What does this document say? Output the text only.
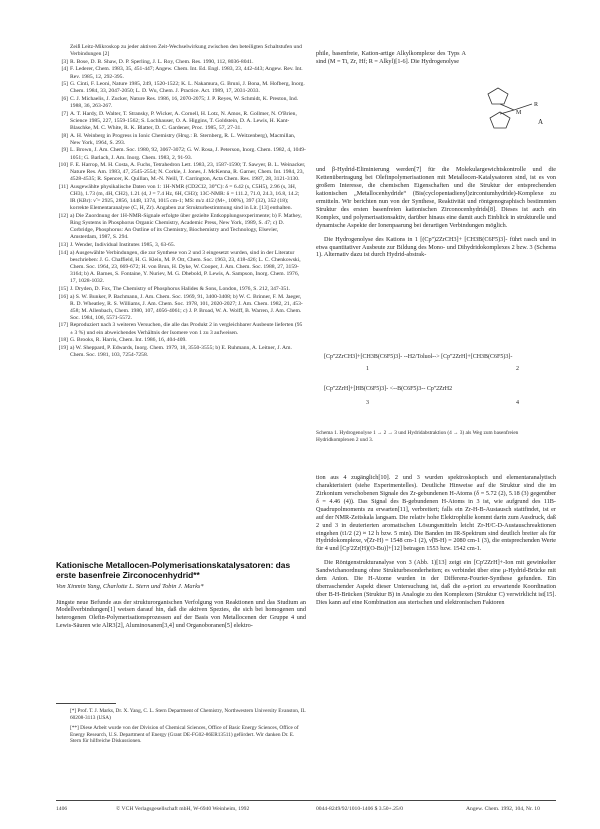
Zeiß Leitz-Mikroskop zu jeder aktiven Zeit-Wechselwirkung zwischen den beteiligten Schaltstufen und Verbindungen [2]
[3] R. Bose, D. B. Shaw, D. P. Sperling, J. L. Roy, Chem. Res. 1990, 112, 8036-8041.
[4] F. Lederer, Chem. 1983, 35, 451-447; Angew. Chem. Int. Ed. Engl. 1983, 23, 442-443; Angew. Rev. Int. Rev. 1985, 12, 292-395.
[5] G. Cinti, F. Leoni, Nature 1985, 249, 1520-1522; K. L. Nakamura, G. Bruni, J. Bona, M. Hofberg, Inorg. Chem. 1984, 33, 2047-2050; L. D. Wu, Chem. J. Practice. Act. 1989, 17, 2031-2033.
[6] C. J. Michaelis, J. Zucker, Nature Res. 1986, 16, 2070-2075; J. P. Reyes, W. Schmidt, K. Preston, Ind. 1988, 36, 263-267.
[7] A. T. Hardy, D. Walter, T. Stransky, P. Wicker, A. Cornell, H. Lotz, N. Amos, R. Gollmer, N. O'Brien, Science 1985, 227, 1559-1562; S. Lochhauser, O. A. Higgins, T. Goldstein, D. A. Lewis, H. Kant-Blaschke, M. C. White, R. K. Blatter, D. C. Gardener, Proc. 1985, 57, 27-31.
[8] A. H. Weinberg in Progress in Ionic Chemistry (Hrsg.: B. Sternberg, R. L. Weitzenberg), Macmillan, New York, 1964, S. 293.
[9] L. Brown, J. Am. Chem. Soc. 1980, 92, 3067-3072; G. W. Rosa, J. Peterson, Inorg. Chem. 1982, 4, 1049-1051; G. Barlach, J. Am. Inorg. Chem. 1983, 2, 91-93.
[10] F. E. Harrop, M. H. Costa, A. Fuchs, Tetrahedron Lett. 1983, 23, 1587-1590; T. Sawyer, B. L. Weinacker, Nature Res. Am. 1983, 47, 2545-2554; N. Corkie, J. Jones, J. McKenna, R. Garner, Chem. Int. 1984, 23, 4528-4535; R. Spencer, K. Quillan, M.-N. Neill, T. Carrington, Acta Chem. Res. 1987, 28, 3121-3130.
[11] Ausgewählte physikalische Daten von 1: 1H-NMR (CD2Cl2, 30°C): δ = 6.42 (s, C5H5), 2.96 (s, 3H, CH3), 1.73 (m, 4H, CH2), 1.21 (d, J = 7.4 Hz, 6H, CH3); 13C-NMR: δ = 111.2, 71.0, 24.3, 16.8, 14.2; IR (KBr): ν̃ = 2925, 2856, 1448, 1374, 1015 cm-1; MS: m/z 412 (M+, 100%), 397 (32), 352 (18); korrekte Elementaranalyse (C, H, Zr). Angaben zur Strukturbestimmung sind in Lit. [13] enthalten.
[12] a) Die Zuordnung der 1H-NMR-Signale erfolgte über gezielte Entkopplungsexperimente; b) F. Mathey, Ring Systems in Phosphorus Organic Chemistry, Academic Press, New York, 1989, S. 47; c) D. Corbridge, Phosphorus: An Outline of its Chemistry, Biochemistry and Technology, Elsevier, Amsterdam, 1987, S. 294.
[13] J. Wender, Individual Institutes 1985, 3, 63-65.
[14] a) Ausgewählte Verbindungen, die zur Synthese von 2 und 3 eingesetzt wurden, sind in der Literatur beschrieben: J. G. Chaffield, H. G. Klein, M. P. Ott, Chem. Soc. 1963, 23, 418-426; L. C. Chenkowski, Chem. Soc. 1964, 23, 669-672; H. von Brun, H. Dyke, W. Cooper, J. Am. Chem. Soc. 1988, 27, 3159-3164; b) A. Barnes, S. Fontaine, Y. Nuriev, M. G. Dhebold, P. Lewis, A. Sampson, Inorg. Chem. 1976, 17, 1028-1032.
[15] J. Dryden, D. Fox, The Chemistry of Phosphorus Halides & Sons, London, 1976, S. 212, 347-351.
[16] a) S. W. Bunker, P. Bachmann, J. Am. Chem. Soc. 1969, 91, 3400-3408; b) W. C. Brinner, F. M. Jaeger, R. D. Wheatley, R. S. Williams, J. Am. Chem. Soc. 1978, 101, 2020-2027; J. Am. Chem. 1982, 21, 453-458; M. Allenbach, Chem. 1980, 107, 4056-4061; c) J. P. Broad, W. A. Wolff, B. Warren, J. Am. Chem. Soc. 1984, 106, 5571-5572.
[17] Reproduziert nach 3 weiteren Versuchen, die alle das Produkt 2 in vergleichbarer Ausbeute lieferten (95 ± 3 %) und ein abweichendes Verhältnis der Isomere von 1 zu 3 aufweisen.
[18] G. Brooks, R. Harris, Chem. Int. 1986, 16, 404-409.
[19] a) W. Sheppard, P. Edwards, Inorg. Chem. 1979, 18, 3550-3555; b) E. Ruhmann, A. Leitner, J. Am. Chem. Soc. 1981, 103, 7254-7258.
Kationische Metallocen-Polymerisationskatalysatoren: das erste basenfreie Zirconocenhydrid**
Von Xinmin Yang, Charlotte L. Stern und Tobin J. Marks*

Jüngste neue Befunde aus der strukturorganischen Verfolgung von Reaktionen und das Studium an Modellverbindungen[1] weisen darauf hin, daß die aktiven Spezies, die sich bei homogenen und heterogenen Olefin-Polymerisationsprozessen auf der Basis von Metallocenen der Gruppe 4 und Lewis-Säuren wie AlR3[2], Aluminoxanen[3,4] und Organoboranen[5] elektro-

[*] Prof. T. J. Marks, Dr. X. Yang, C. L. Stern Department of Chemistry, Northwestern University Evanston, IL 60208-3113 (USA)
[**] Diese Arbeit wurde von der Division of Chemical Sciences, Office of Basic Energy Sciences, Office of Energy Research, U.S. Department of Energy (Grant DE-FG02-86ER13511) gefördert. Wir danken Dr. E. Stern für hilfreiche Diskussionen.

phile, basenfreie, Kation-artige Alkylkomplexe des Typs A sind (M = Ti, Zr, Hf; R = Alkyl)[1-6]. Die Hydrogenolyse

M
R
A

und β-Hydrid-Eliminierung werden[7] für die Molekulargewichtskontrolle und die Kettenübertragung bei Olefinpolymerisationen mit Metallocen-Katalysatoren sind, ist es von großem Interesse, die chemischen Eigenschaften und die Struktur der entsprechenden kationischen „Metallocenhydride“ (Bis(cyclopentadienyl)zirconiumhydride)-Komplexe zu ermitteln. Wir berichten nun von der Synthese, Reaktivität und röntgenographisch bestimmten Struktur des ersten basenfreien kationischen Zirconocenhydrids[8]. Dieses ist auch ein Komplex, und polymerisationsaktiv, darüber hinaus eine damit auch Einblick in strukturelle und dynamische Aspekte der Ionenpaarung bei derartigen Verbindungen möglich.

Die Hydrogenolyse des Kations in 1 [(Cp'')2ZrCH3]+ [CH3B(C6F5)3]- führt rasch und in etwa quantitativer Ausbeute zur Bildung des Mono- und Dihydridokomplexes 2 bzw. 3 (Schema 1). Alternativ dazu ist durch Hydrid-abstrak-

[Cp''2ZrCH3]+[CH3B(C6F5)3]- --H2/Toluol--> [Cp''2ZrH]+[CH3B(C6F5)3]-
1	2
[Cp''2ZrH]+[HB(C6F5)3]- <--B(C6F5)3-- Cp''2ZrH2
3	4
Schema 1. Hydrogenolyse 1 → 2 → 3 und Hydridabstraktion (4 → 3) als Weg zum basenfreien Hydridkomplexen 2 und 3.

tion aus 4 zugänglich[10]. 2 und 3 wurden spektroskopisch und elementaranalytisch charakterisiert (siehe Experimentelles). Deutliche Hinweise auf die Struktur sind die im Zirkonium verschobenen Signale des Zr-gebundenen H-Atoms (δ = 5.72 (2), 5.18 (3) gegenüber δ = 4.46 (4)). Das Signal des B-gebundenen H-Atoms in 3 ist, wie aufgrund des 11B-Quadrupolmoments zu erwarten[11], verbreitert; falls ein Zr-H-B-Austausch stattfindet, ist er auf der NMR-Zeitskala langsam. Die relativ hohe Elektrophilie kommt darin zum Ausdruck, daß 2 und 3 in deuterierten aromatischen Lösungsmitteln leicht Zr-H/C-D-Austauschreaktionen eingehen (t1/2 (2) ≈ 12 h bzw. 5 min). Die Banden im IR-Spektrum sind deutlich breiter als für Hydridokomplexe, ν̃(Zr-H) = 1548 cm-1 (2), ν̃(B-H) = 2080 cm-1 (3), die entsprechenden Werte für 4 und [Cp'2Zr(H)(O-Bu)]+[12] betragen 1553 bzw. 1542 cm-1.

Die Röntgenstrukturanalyse von 3 (Abb. 1)[13] zeigt ein [Cp'2ZrH]+-Ion mit gewinkelter Sandwichanordnung ohne Strukturbesonderheiten; es verbindet über eine μ-Hydrid-Brücke mit dem Anion. Die H-Atome wurden in der Differenz-Fourier-Synthese gefunden. Ein überraschender Aspekt dieser Untersuchung ist, daß die a-priori zu erwartende Koordination über B-H-Brücken (Struktur B) in Analogie zu den Komplexen (Struktur C) verwirklicht ist[15]. Dies kann auf eine Kombination aus sterischen und elektronischen Faktoren

1406	© VCH Verlagsgesellschaft mbH, W-6940 Weinheim, 1992	0044-8249/92/1010-1406 $ 3.50+.25/0	Angew. Chem. 1992, 104, Nr. 10
